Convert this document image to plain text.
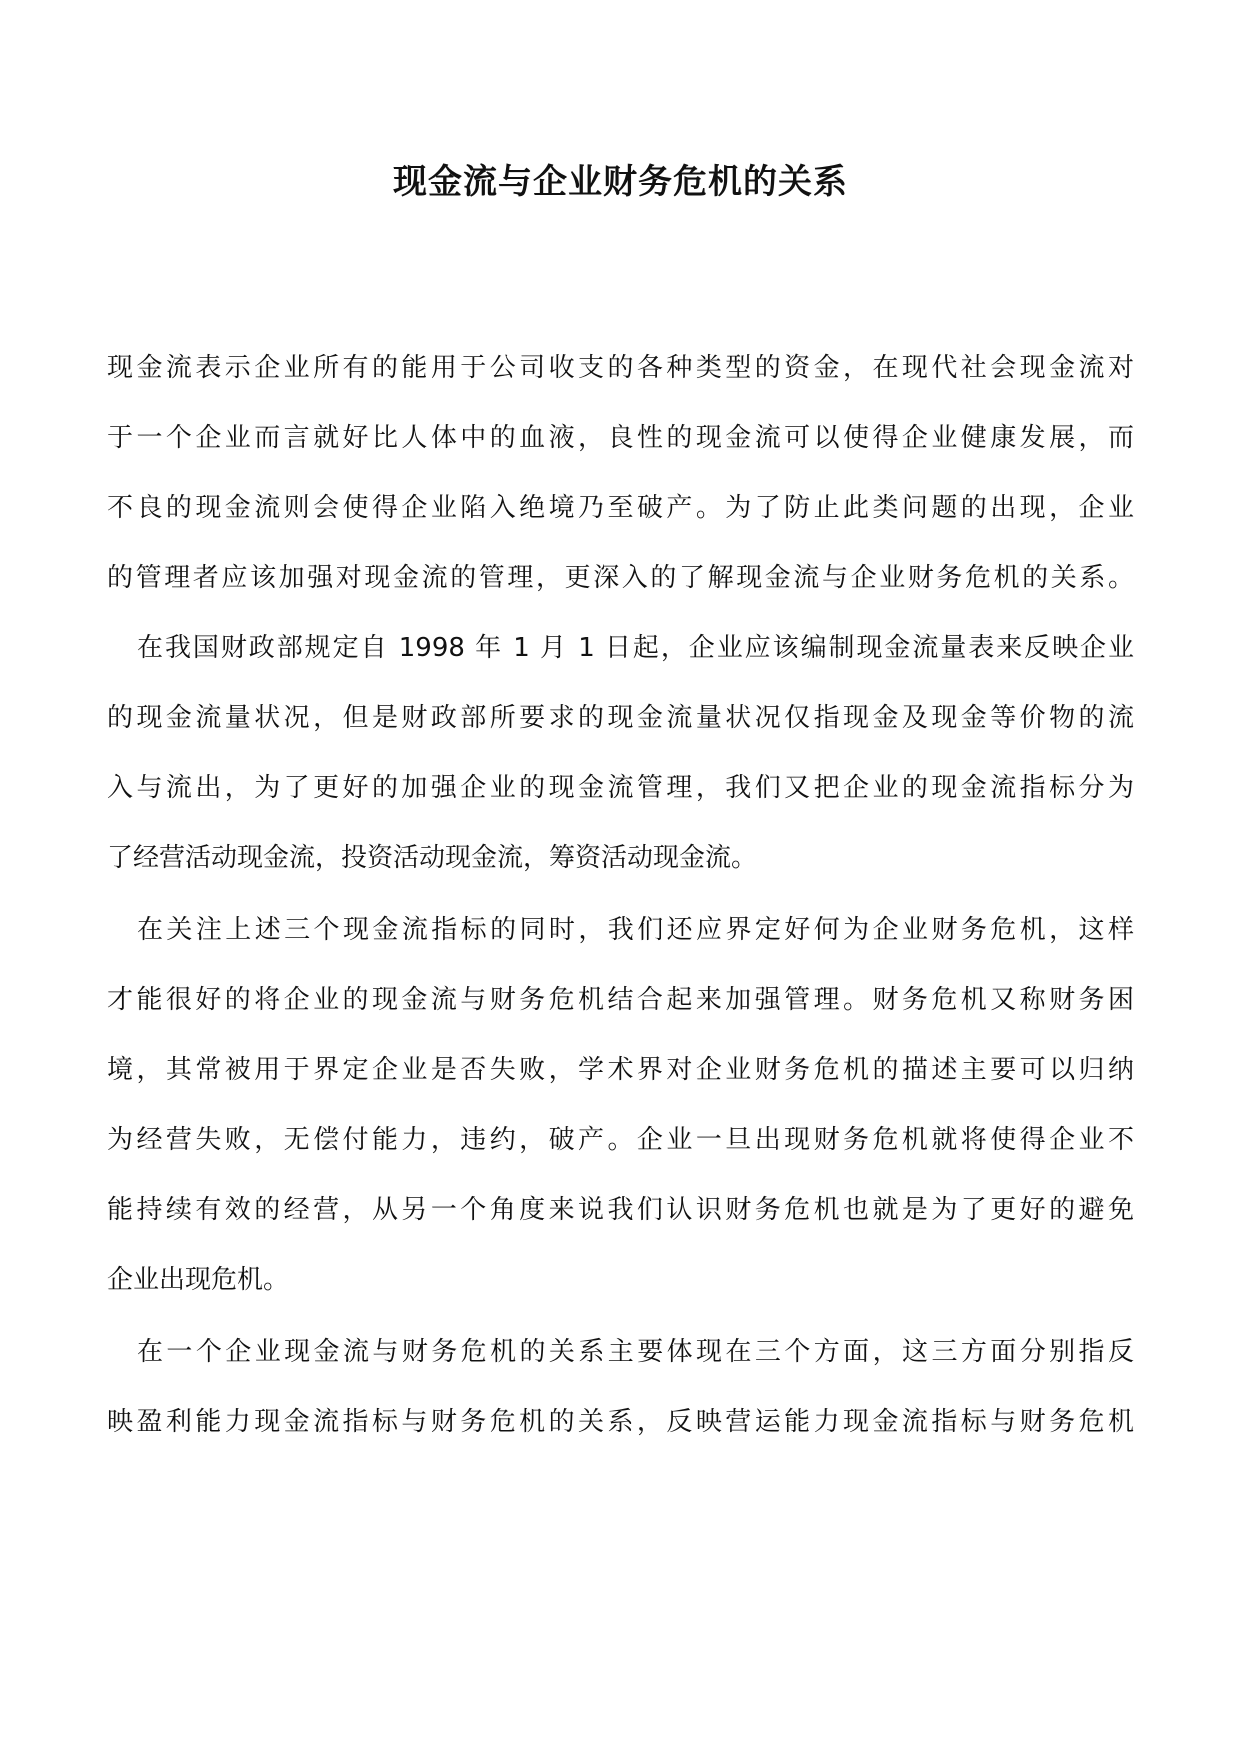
现金流与企业财务危机的关系

现金流表示企业所有的能用于公司收支的各种类型的资金，在现代社会现金流对

于一个企业而言就好比人体中的血液，良性的现金流可以使得企业健康发展，而

不良的现金流则会使得企业陷入绝境乃至破产。为了防止此类问题的出现，企业

的管理者应该加强对现金流的管理，更深入的了解现金流与企业财务危机的关系。

在我国财政部规定自 1998 年 1 月 1 日起，企业应该编制现金流量表来反映企业

的现金流量状况，但是财政部所要求的现金流量状况仅指现金及现金等价物的流

入与流出，为了更好的加强企业的现金流管理，我们又把企业的现金流指标分为

了经营活动现金流，投资活动现金流，筹资活动现金流。

在关注上述三个现金流指标的同时，我们还应界定好何为企业财务危机，这样

才能很好的将企业的现金流与财务危机结合起来加强管理。财务危机又称财务困

境，其常被用于界定企业是否失败，学术界对企业财务危机的描述主要可以归纳

为经营失败，无偿付能力，违约，破产。企业一旦出现财务危机就将使得企业不

能持续有效的经营，从另一个角度来说我们认识财务危机也就是为了更好的避免

企业出现危机。

在一个企业现金流与财务危机的关系主要体现在三个方面，这三方面分别指反

映盈利能力现金流指标与财务危机的关系，反映营运能力现金流指标与财务危机
